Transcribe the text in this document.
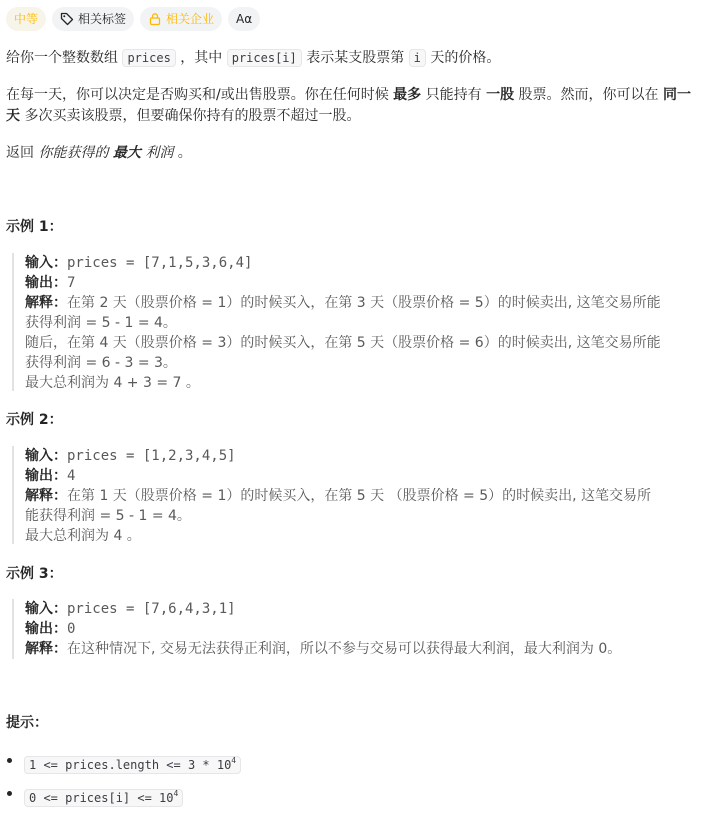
中等	相关标签	相关企业 Aα
给你一个整数数组 prices ，其中 prices[i] 表示某支股票第 i 天的价格。
在每一天，你可以决定是否购买和/或出售股票。你在任何时候 最多 只能持有 一股 股票。然而，你可以在 同一天 多次买卖该股票，但要确保你持有的股票不超过一股。
返回 你能获得的 最大 利润 。
示例 1：
输入：prices = [7,1,5,3,6,4]
输出：7
解释：在第 2 天（股票价格 = 1）的时候买入，在第 3 天（股票价格 = 5）的时候卖出, 这笔交易所能
获得利润 = 5 - 1 = 4。
随后，在第 4 天（股票价格 = 3）的时候买入，在第 5 天（股票价格 = 6）的时候卖出, 这笔交易所能
获得利润 = 6 - 3 = 3。
最大总利润为 4 + 3 = 7 。
示例 2：
输入：prices = [1,2,3,4,5]
输出：4
解释：在第 1 天（股票价格 = 1）的时候买入，在第 5 天 （股票价格 = 5）的时候卖出, 这笔交易所
能获得利润 = 5 - 1 = 4。
最大总利润为 4 。
示例 3：
输入：prices = [7,6,4,3,1]
输出：0
解释：在这种情况下, 交易无法获得正利润，所以不参与交易可以获得最大利润，最大利润为 0。
提示：
1 <= prices.length <= $3 * 10^4$
0 <= prices[i] <= $10^4$
